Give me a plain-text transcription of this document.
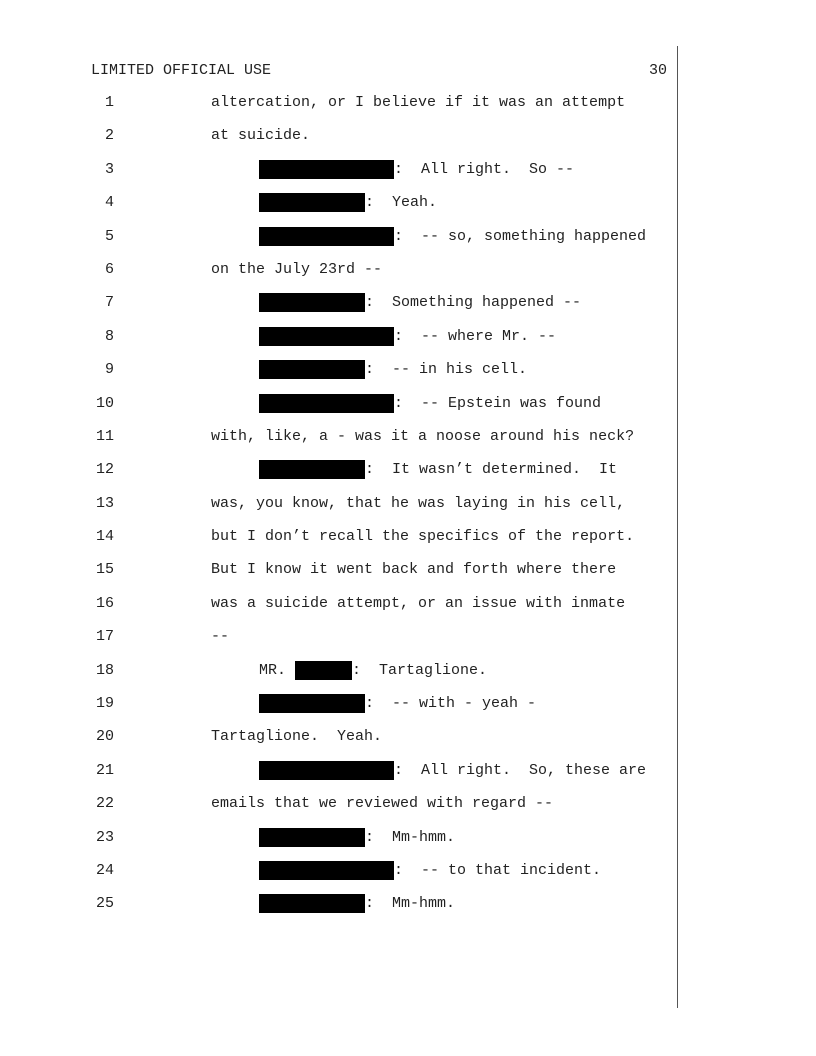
LIMITED OFFICIAL USE	30
1	altercation, or I believe if it was an attempt
2	at suicide.
3	:  All right.  So --
4	:  Yeah.
5	:  -- so, something happened
6	on the July 23rd --
7	:  Something happened --
8	:  -- where Mr. --
9	:  -- in his cell.
10	:  -- Epstein was found
11	with, like, a - was it a noose around his neck?
12	:  It wasn’t determined.  It
13	was, you know, that he was laying in his cell,
14	but I don’t recall the specifics of the report.
15	But I know it went back and forth where there
16	was a suicide attempt, or an issue with inmate
17	--
18	MR.	:  Tartaglione.
19	:  -- with - yeah -
20	Tartaglione.  Yeah.
21	:  All right.  So, these are
22	emails that we reviewed with regard --
23	:  Mm-hmm.
24	:  -- to that incident.
25	:  Mm-hmm.
